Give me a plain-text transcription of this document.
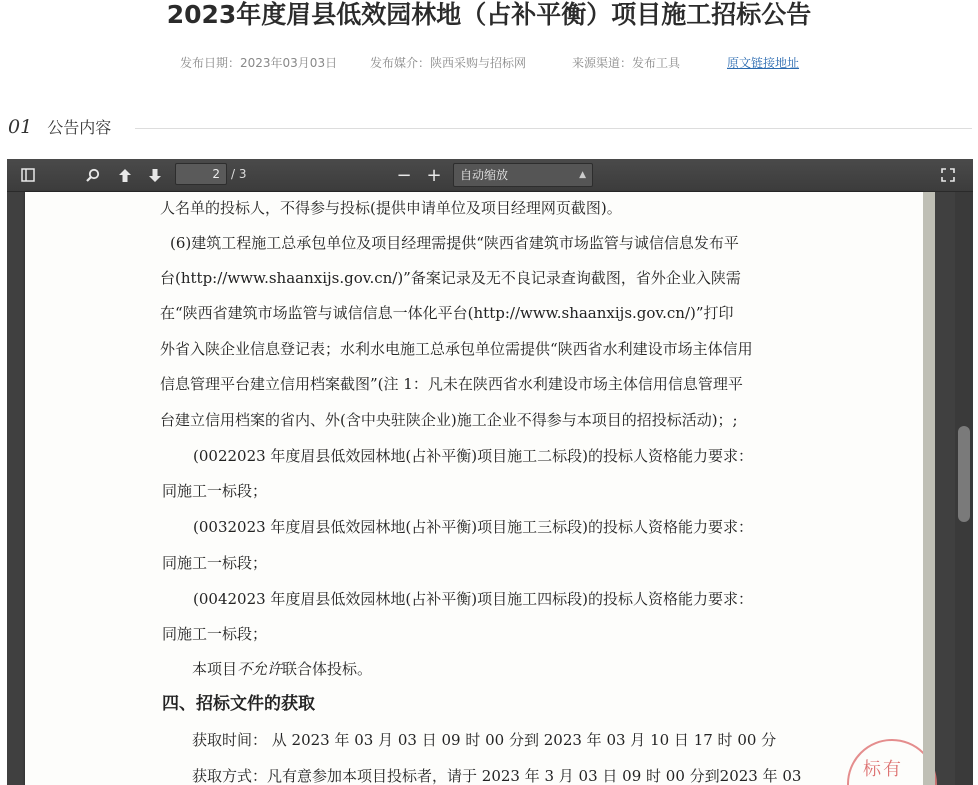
2023年度眉县低效园林地（占补平衡）项目施工招标公告
发布日期：2023年03月03日	发布媒介：陕西采购与招标网	来源渠道：发布工具	原文链接地址
01 公告内容
2 / 3	− +	自动缩放	▲

人名单的投标人，不得参与投标(提供申请单位及项目经理网页截图)。
(6)建筑工程施工总承包单位及项目经理需提供“陕西省建筑市场监管与诚信信息发布平
台(http://www.shaanxijs.gov.cn/)”备案记录及无不良记录查询截图，省外企业入陕需
在“陕西省建筑市场监管与诚信信息一体化平台(http://www.shaanxijs.gov.cn/)”打印
外省入陕企业信息登记表；水利水电施工总承包单位需提供“陕西省水利建设市场主体信用
信息管理平台建立信用档案截图”(注 1：凡未在陕西省水利建设市场主体信用信息管理平
台建立信用档案的省内、外(含中央驻陕企业)施工企业不得参与本项目的招投标活动)；;
(0022023 年度眉县低效园林地(占补平衡)项目施工二标段)的投标人资格能力要求：
同施工一标段；
(0032023 年度眉县低效园林地(占补平衡)项目施工三标段)的投标人资格能力要求：
同施工一标段；
(0042023 年度眉县低效园林地(占补平衡)项目施工四标段)的投标人资格能力要求：
同施工一标段；
本项目不允许联合体投标。
四、招标文件的获取
获取时间： 从 2023 年 03 月 03 日 09 时 00 分到 2023 年 03 月 10 日 17 时 00 分
获取方式：凡有意参加本项目投标者，请于 2023 年 3 月 03 日 09 时 00 分到2023 年 03	标有
